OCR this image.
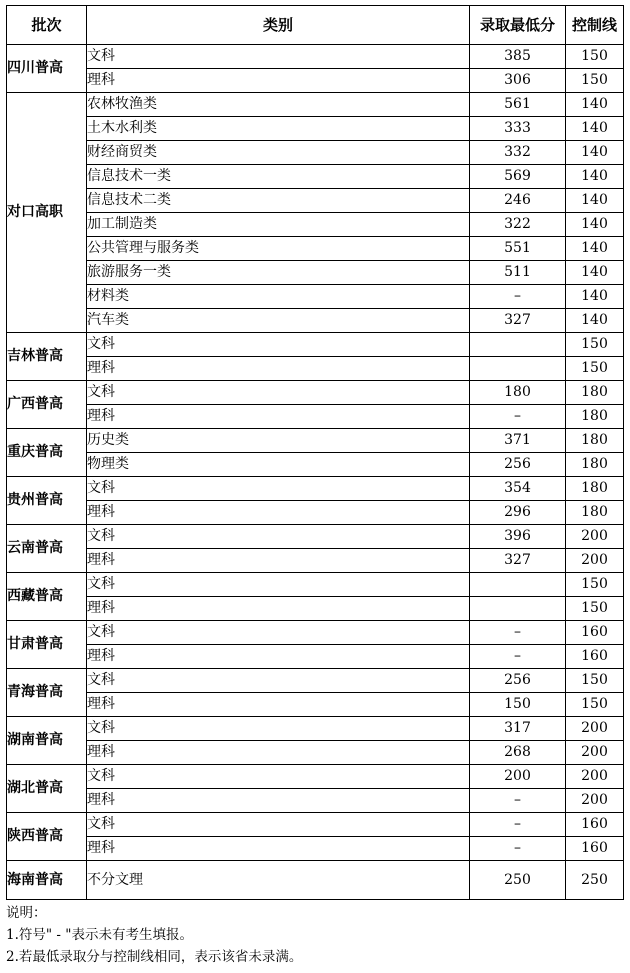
批次	类别	录取最低分	控制线
四川普高	文科	385	150
	理科	306	150
对口高职	农林牧渔类	561	140
	土木水利类	333	140
	财经商贸类	332	140
	信息技术一类	569	140
	信息技术二类	246	140
	加工制造类	322	140
	公共管理与服务类	551	140
	旅游服务一类	511	140
	材料类	–	140
	汽车类	327	140
吉林普高	文科		150
	理科		150
广西普高	文科	180	180
	理科	–	180
重庆普高	历史类	371	180
	物理类	256	180
贵州普高	文科	354	180
	理科	296	180
云南普高	文科	396	200
	理科	327	200
西藏普高	文科		150
	理科		150
甘肃普高	文科	–	160
	理科	–	160
青海普高	文科	256	150
	理科	150	150
湖南普高	文科	317	200
	理科	268	200
湖北普高	文科	200	200
	理科	–	200
陕西普高	文科	–	160
	理科	–	160
海南普高	不分文理	250	250
说明：
1.符号" - "表示未有考生填报。
2.若最低录取分与控制线相同，表示该省未录满。
